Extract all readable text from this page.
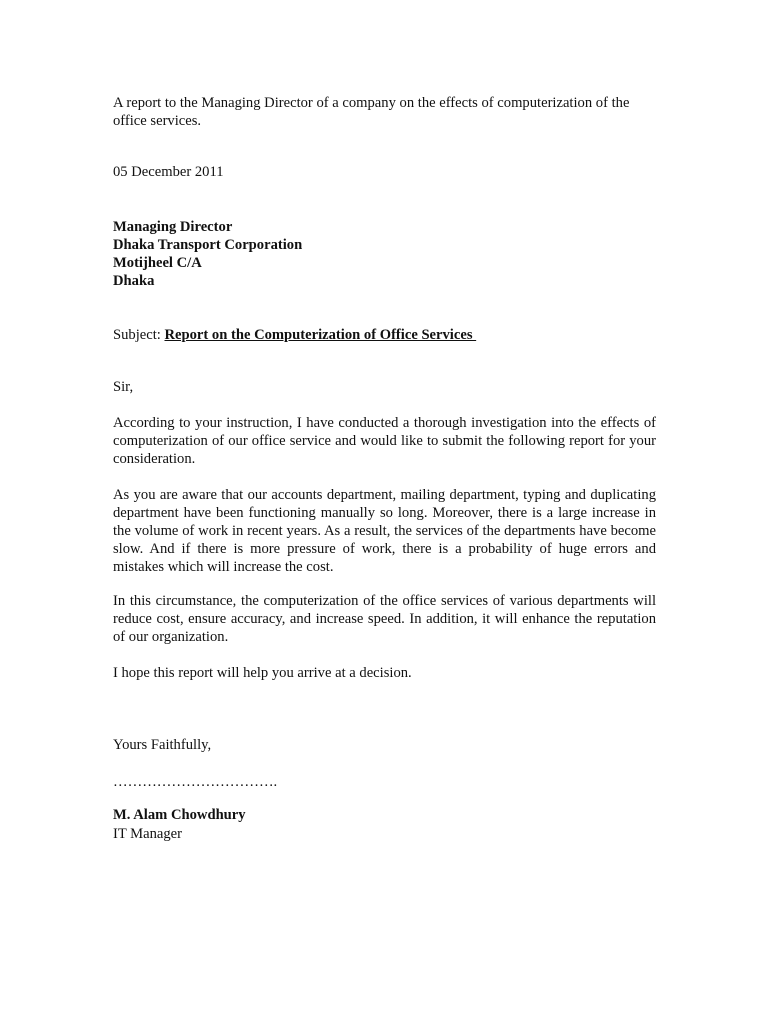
A report to the Managing Director of a company on the effects of computerization of the office services.

05 December 2011

Managing Director
Dhaka Transport Corporation
Motijheel C/A
Dhaka

Subject: Report on the Computerization of Office Services

Sir,

According to your instruction, I have conducted a thorough investigation into the effects of computerization of our office service and would like to submit the following report for your consideration.

As you are aware that our accounts department, mailing department, typing and duplicating department have been functioning manually so long. Moreover, there is a large increase in the volume of work in recent years. As a result, the services of the departments have become slow. And if there is more pressure of work, there is a probability of huge errors and mistakes which will increase the cost.

In this circumstance, the computerization of the office services of various departments will reduce cost, ensure accuracy, and increase speed. In addition, it will enhance the reputation of our organization.

I hope this report will help you arrive at a decision.

Yours Faithfully,

…………………………….

M. Alam Chowdhury

IT Manager
